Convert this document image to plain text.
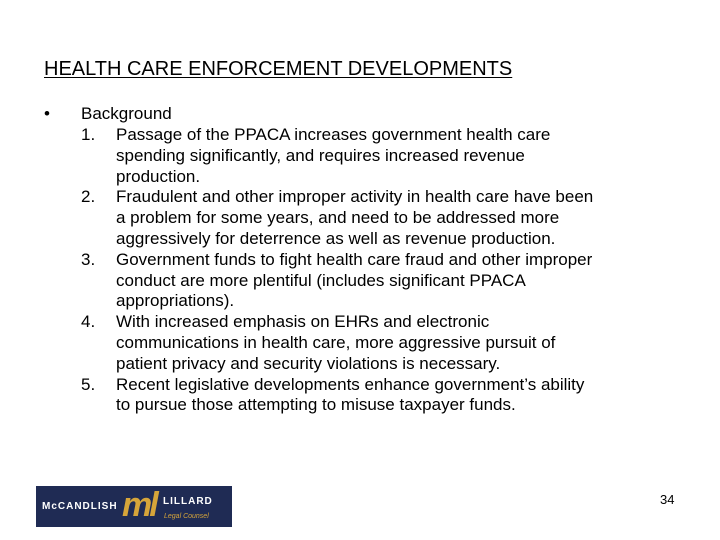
HEALTH CARE ENFORCEMENT DEVELOPMENTS
• Background
1. Passage of the PPACA increases government health care
spending significantly, and requires increased revenue
production.
2. Fraudulent and other improper activity in health care have been
a problem for some years, and need to be addressed more
aggressively for deterrence as well as revenue production.
3. Government funds to fight health care fraud and other improper
conduct are more plentiful (includes significant PPACA
appropriations).
4. With increased emphasis on EHRs and electronic
communications in health care, more aggressive pursuit of
patient privacy and security violations is necessary.
5. Recent legislative developments enhance government’s ability
to pursue those attempting to misuse taxpayer funds.
McCANDLISH ml LILLARD
Legal Counsel
34
